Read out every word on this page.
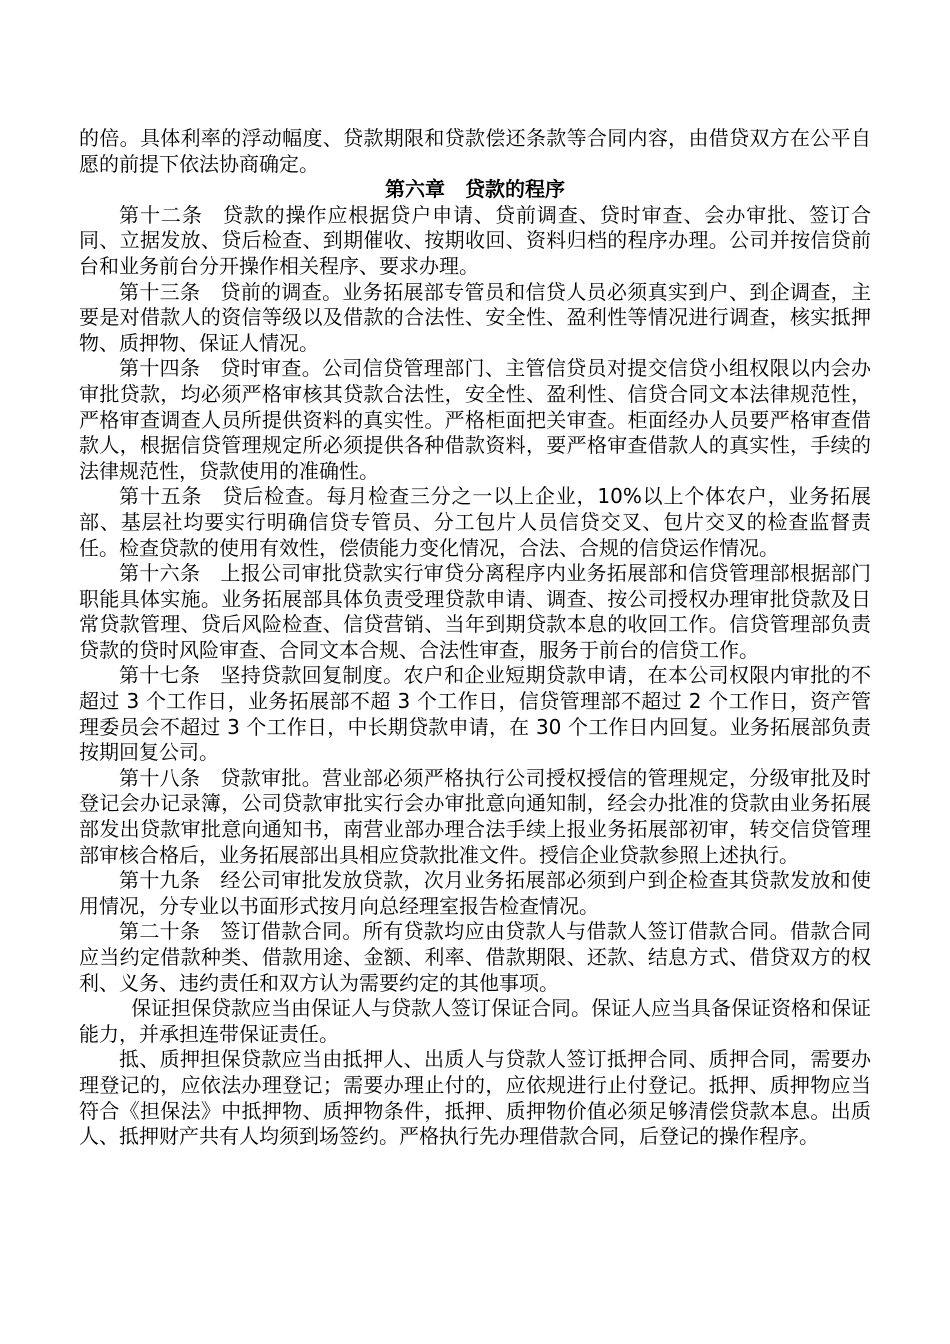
的倍。具体利率的浮动幅度、贷款期限和贷款偿还条款等合同内容，由借贷双方在公平自愿的前提下依法协商确定。

第六章　贷款的程序

第十二条 贷款的操作应根据贷户申请、贷前调查、贷时审查、会办审批、签订合同、立据发放、贷后检查、到期催收、按期收回、资料归档的程序办理。公司并按信贷前台和业务前台分开操作相关程序、要求办理。

第十三条 贷前的调查。业务拓展部专管员和信贷人员必须真实到户、到企调查，主要是对借款人的资信等级以及借款的合法性、安全性、盈利性等情况进行调查，核实抵押物、质押物、保证人情况。

第十四条 贷时审查。公司信贷管理部门、主管信贷员对提交信贷小组权限以内会办审批贷款，均必须严格审核其贷款合法性，安全性、盈利性、信贷合同文本法律规范性，严格审查调查人员所提供资料的真实性。严格柜面把关审查。柜面经办人员要严格审查借款人，根据信贷管理规定所必须提供各种借款资料，要严格审查借款人的真实性，手续的法律规范性，贷款使用的准确性。

第十五条 贷后检查。每月检查三分之一以上企业，10%以上个体农户，业务拓展部、基层社均要实行明确信贷专管员、分工包片人员信贷交叉、包片交叉的检查监督责任。检查贷款的使用有效性，偿债能力变化情况，合法、合规的信贷运作情况。

第十六条 上报公司审批贷款实行审贷分离程序内业务拓展部和信贷管理部根据部门职能具体实施。业务拓展部具体负责受理贷款申请、调查、按公司授权办理审批贷款及日常贷款管理、贷后风险检查、信贷营销、当年到期贷款本息的收回工作。信贷管理部负责贷款的贷时风险审查、合同文本合规、合法性审查，服务于前台的信贷工作。

第十七条 坚持贷款回复制度。农户和企业短期贷款申请，在本公司权限内审批的不超过 3 个工作日，业务拓展部不超 3 个工作日，信贷管理部不超过 2 个工作日，资产管理委员会不超过 3 个工作日，中长期贷款申请，在 30 个工作日内回复。业务拓展部负责按期回复公司。

第十八条 贷款审批。营业部必须严格执行公司授权授信的管理规定，分级审批及时登记会办记录簿，公司贷款审批实行会办审批意向通知制，经会办批准的贷款由业务拓展部发出贷款审批意向通知书，南营业部办理合法手续上报业务拓展部初审，转交信贷管理部审核合格后，业务拓展部出具相应贷款批准文件。授信企业贷款参照上述执行。

第十九条 经公司审批发放贷款，次月业务拓展部必须到户到企检查其贷款发放和使用情况，分专业以书面形式按月向总经理室报告检查情况。

第二十条 签订借款合同。所有贷款均应由贷款人与借款人签订借款合同。借款合同应当约定借款种类、借款用途、金额、利率、借款期限、还款、结息方式、借贷双方的权利、义务、违约责任和双方认为需要约定的其他事项。

保证担保贷款应当由保证人与贷款人签订保证合同。保证人应当具备保证资格和保证能力，并承担连带保证责任。

抵、质押担保贷款应当由抵押人、出质人与贷款人签订抵押合同、质押合同，需要办理登记的，应依法办理登记；需要办理止付的，应依规进行止付登记。抵押、质押物应当符合《担保法》中抵押物、质押物条件，抵押、质押物价值必须足够清偿贷款本息。出质人、抵押财产共有人均须到场签约。严格执行先办理借款合同，后登记的操作程序。
